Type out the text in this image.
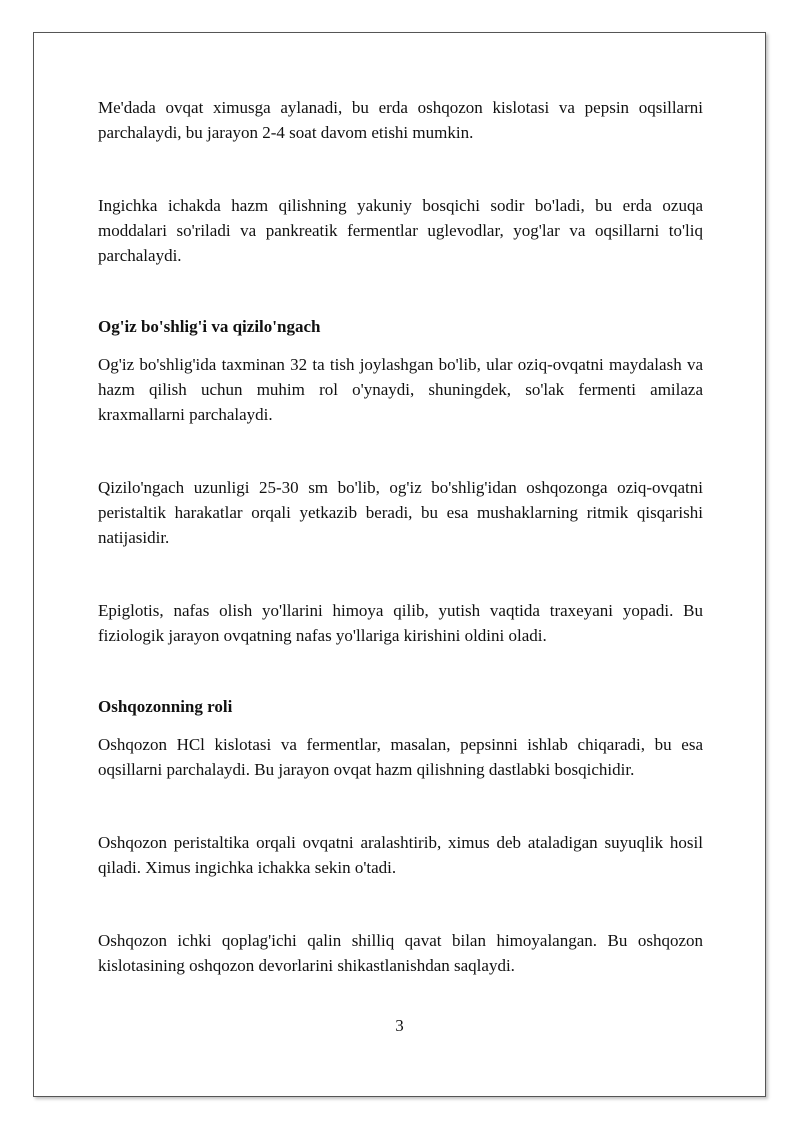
Me'dada ovqat ximusga aylanadi, bu erda oshqozon kislotasi va pepsin oqsillarni parchalaydi, bu jarayon 2-4 soat davom etishi mumkin.

Ingichka ichakda hazm qilishning yakuniy bosqichi sodir bo'ladi, bu erda ozuqa moddalari so'riladi va pankreatik fermentlar uglevodlar, yog'lar va oqsillarni to'liq parchalaydi.

Og'iz bo'shlig'i va qizilo'ngach

Og'iz bo'shlig'ida taxminan 32 ta tish joylashgan bo'lib, ular oziq-ovqatni maydalash va hazm qilish uchun muhim rol o'ynaydi, shuningdek, so'lak fermenti amilaza kraxmallarni parchalaydi.

Qizilo'ngach uzunligi 25-30 sm bo'lib, og'iz bo'shlig'idan oshqozonga oziq-ovqatni peristaltik harakatlar orqali yetkazib beradi, bu esa mushaklarning ritmik qisqarishi natijasidir.

Epiglotis, nafas olish yo'llarini himoya qilib, yutish vaqtida traxeyani yopadi. Bu fiziologik jarayon ovqatning nafas yo'llariga kirishini oldini oladi.

Oshqozonning roli

Oshqozon HCl kislotasi va fermentlar, masalan, pepsinni ishlab chiqaradi, bu esa oqsillarni parchalaydi. Bu jarayon ovqat hazm qilishning dastlabki bosqichidir.

Oshqozon peristaltika orqali ovqatni aralashtirib, ximus deb ataladigan suyuqlik hosil qiladi. Ximus ingichka ichakka sekin o'tadi.

Oshqozon ichki qoplag'ichi qalin shilliq qavat bilan himoyalangan. Bu oshqozon kislotasining oshqozon devorlarini shikastlanishdan saqlaydi.

3
